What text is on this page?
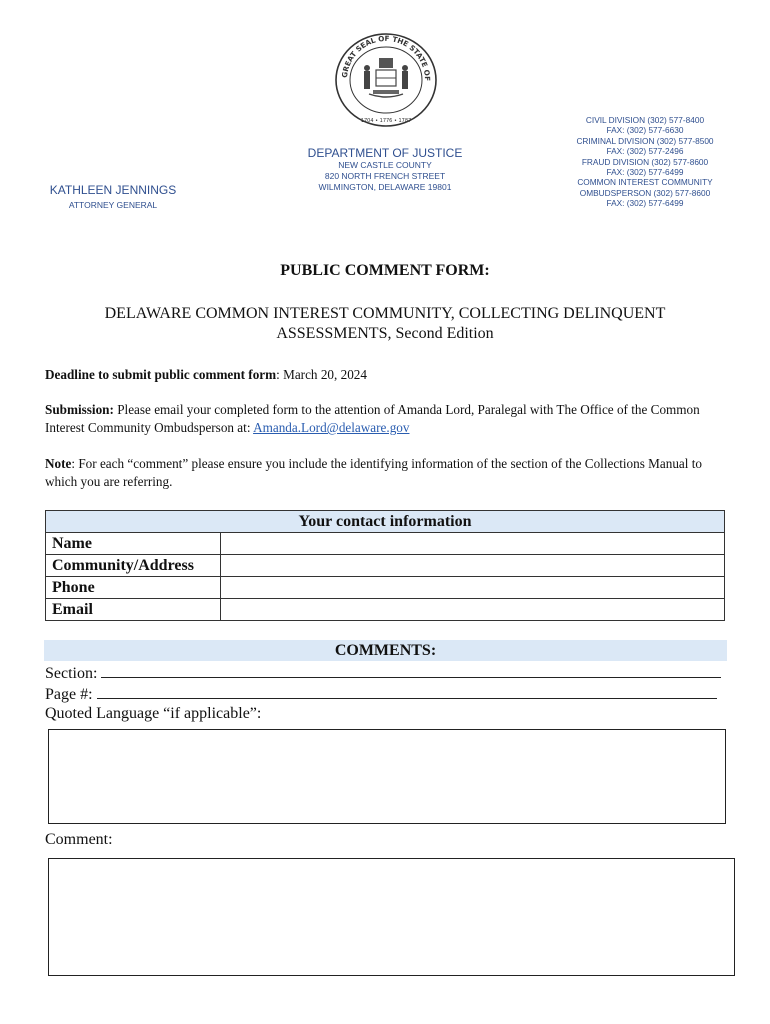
GREAT SEAL OF THE STATE OF
1704 • 1776 • 1787
KATHLEEN JENNINGS
ATTORNEY GENERAL
DEPARTMENT OF JUSTICE
NEW CASTLE COUNTY
820 NORTH FRENCH STREET
WILMINGTON, DELAWARE 19801
CIVIL DIVISION (302) 577-8400
FAX: (302) 577-6630
CRIMINAL DIVISION (302) 577-8500
FAX: (302) 577-2496
FRAUD DIVISION (302) 577-8600
FAX: (302) 577-6499
COMMON INTEREST COMMUNITY
OMBUDSPERSON (302) 577-8600
FAX: (302) 577-6499
PUBLIC COMMENT FORM:
DELAWARE COMMON INTEREST COMMUNITY, COLLECTING DELINQUENT ASSESSMENTS, Second Edition
Deadline to submit public comment form: March 20, 2024
Submission: Please email your completed form to the attention of Amanda Lord, Paralegal with The Office of the Common Interest Community Ombudsperson at: Amanda.Lord@delaware.gov
Note: For each “comment” please ensure you include the identifying information of the section of the Collections Manual to which you are referring.
Your contact information	
Name	
Community/Address	
Phone	
Email	
COMMENTS:
Section:
Page #:
Quoted Language “if applicable”:
Comment:
